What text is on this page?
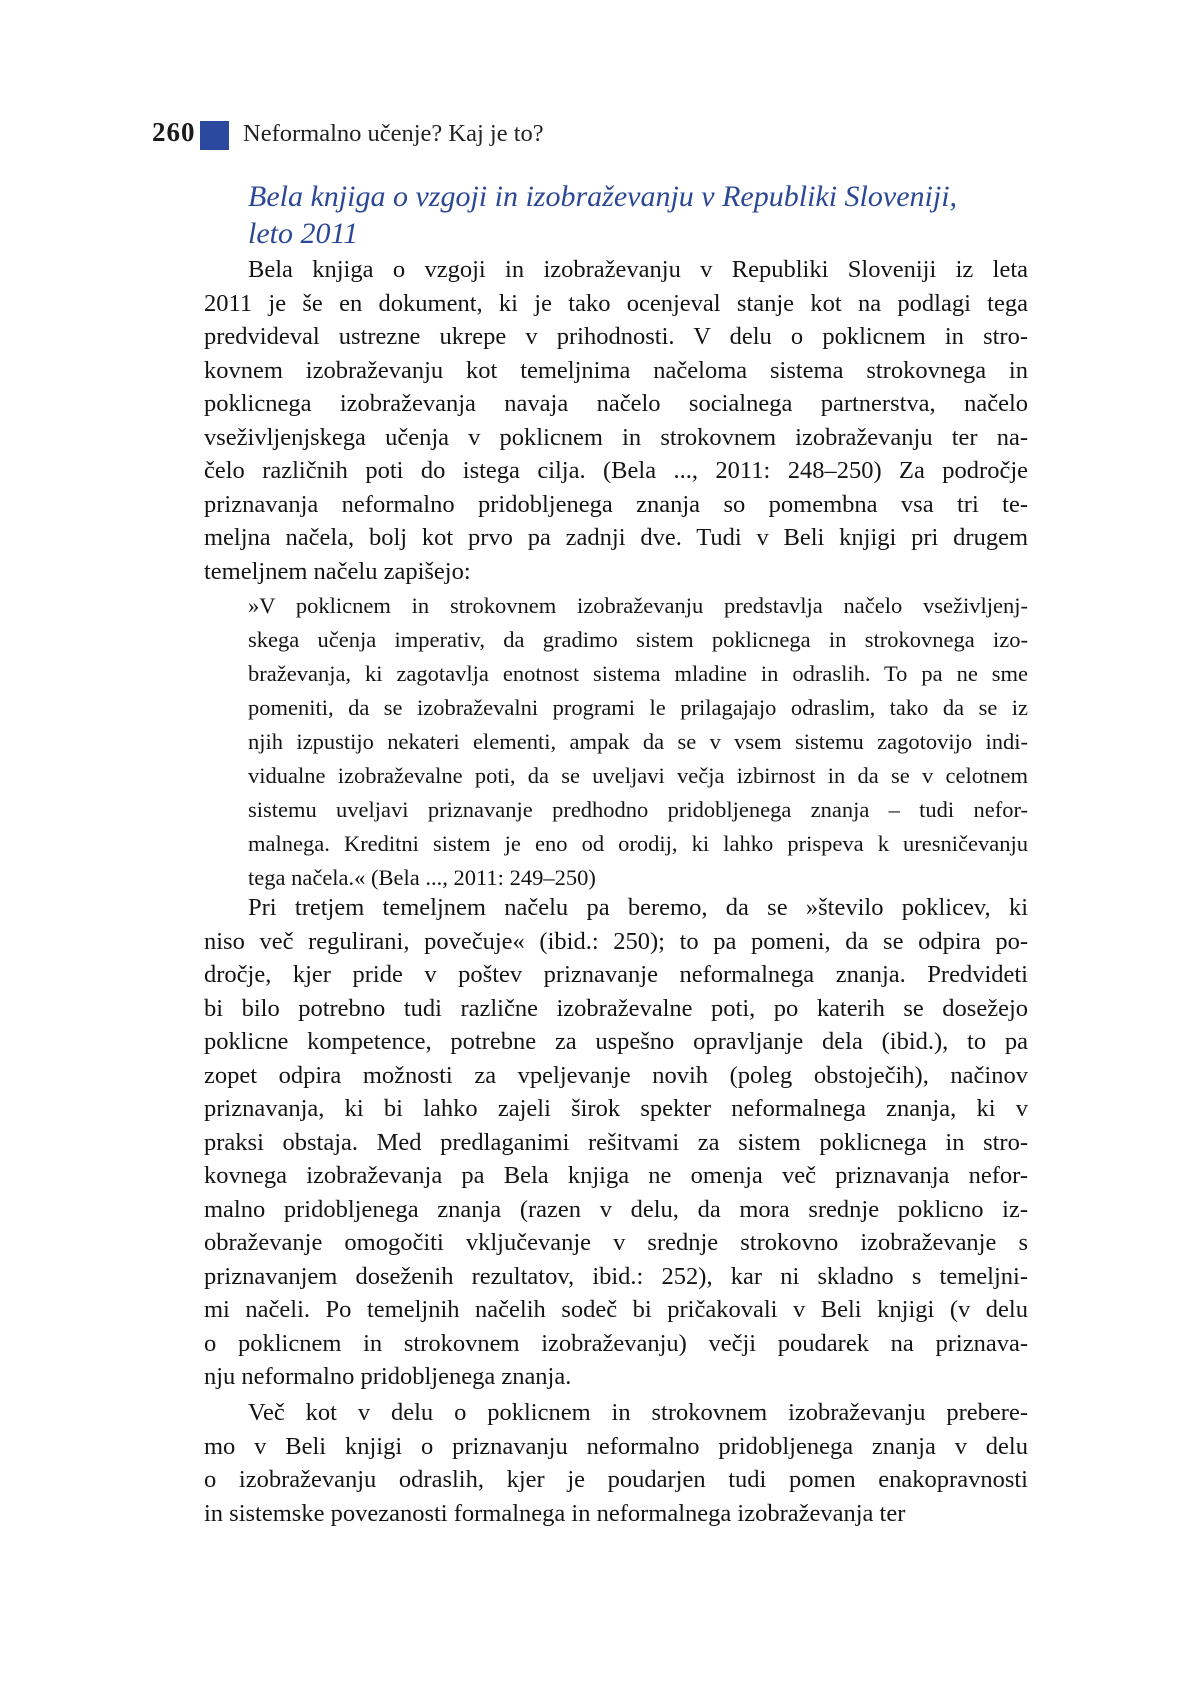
260 Neformalno učenje? Kaj je to?
Bela knjiga o vzgoji in izobraževanju v Republiki Sloveniji,
leto 2011
Bela knjiga o vzgoji in izobraževanju v Republiki Sloveniji iz leta
2011 je še en dokument, ki je tako ocenjeval stanje kot na podlagi tega
predvideval ustrezne ukrepe v prihodnosti. V delu o poklicnem in stro-
kovnem izobraževanju kot temeljnima načeloma sistema strokovnega in
poklicnega izobraževanja navaja načelo socialnega partnerstva, načelo
vseživljenjskega učenja v poklicnem in strokovnem izobraževanju ter na-
čelo različnih poti do istega cilja. (Bela ..., 2011: 248–250) Za področje
priznavanja neformalno pridobljenega znanja so pomembna vsa tri te-
meljna načela, bolj kot prvo pa zadnji dve. Tudi v Beli knjigi pri drugem
temeljnem načelu zapišejo:
»V poklicnem in strokovnem izobraževanju predstavlja načelo vseživljenj-
skega učenja imperativ, da gradimo sistem poklicnega in strokovnega izo-
braževanja, ki zagotavlja enotnost sistema mladine in odraslih. To pa ne sme
pomeniti, da se izobraževalni programi le prilagajajo odraslim, tako da se iz
njih izpustijo nekateri elementi, ampak da se v vsem sistemu zagotovijo indi-
vidualne izobraževalne poti, da se uveljavi večja izbirnost in da se v celotnem
sistemu uveljavi priznavanje predhodno pridobljenega znanja – tudi nefor-
malnega. Kreditni sistem je eno od orodij, ki lahko prispeva k uresničevanju
tega načela.« (Bela ..., 2011: 249–250)
Pri tretjem temeljnem načelu pa beremo, da se »število poklicev, ki
niso več regulirani, povečuje« (ibid.: 250); to pa pomeni, da se odpira po-
dročje, kjer pride v poštev priznavanje neformalnega znanja. Predvideti
bi bilo potrebno tudi različne izobraževalne poti, po katerih se dosežejo
poklicne kompetence, potrebne za uspešno opravljanje dela (ibid.), to pa
zopet odpira možnosti za vpeljevanje novih (poleg obstoječih), načinov
priznavanja, ki bi lahko zajeli širok spekter neformalnega znanja, ki v
praksi obstaja. Med predlaganimi rešitvami za sistem poklicnega in stro-
kovnega izobraževanja pa Bela knjiga ne omenja več priznavanja nefor-
malno pridobljenega znanja (razen v delu, da mora srednje poklicno iz-
obraževanje omogočiti vključevanje v srednje strokovno izobraževanje s
priznavanjem doseženih rezultatov, ibid.: 252), kar ni skladno s temeljni-
mi načeli. Po temeljnih načelih sodeč bi pričakovali v Beli knjigi (v delu
o poklicnem in strokovnem izobraževanju) večji poudarek na priznava-
nju neformalno pridobljenega znanja.
Več kot v delu o poklicnem in strokovnem izobraževanju prebere-
mo v Beli knjigi o priznavanju neformalno pridobljenega znanja v delu
o izobraževanju odraslih, kjer je poudarjen tudi pomen enakopravnosti
in sistemske povezanosti formalnega in neformalnega izobraževanja ter
